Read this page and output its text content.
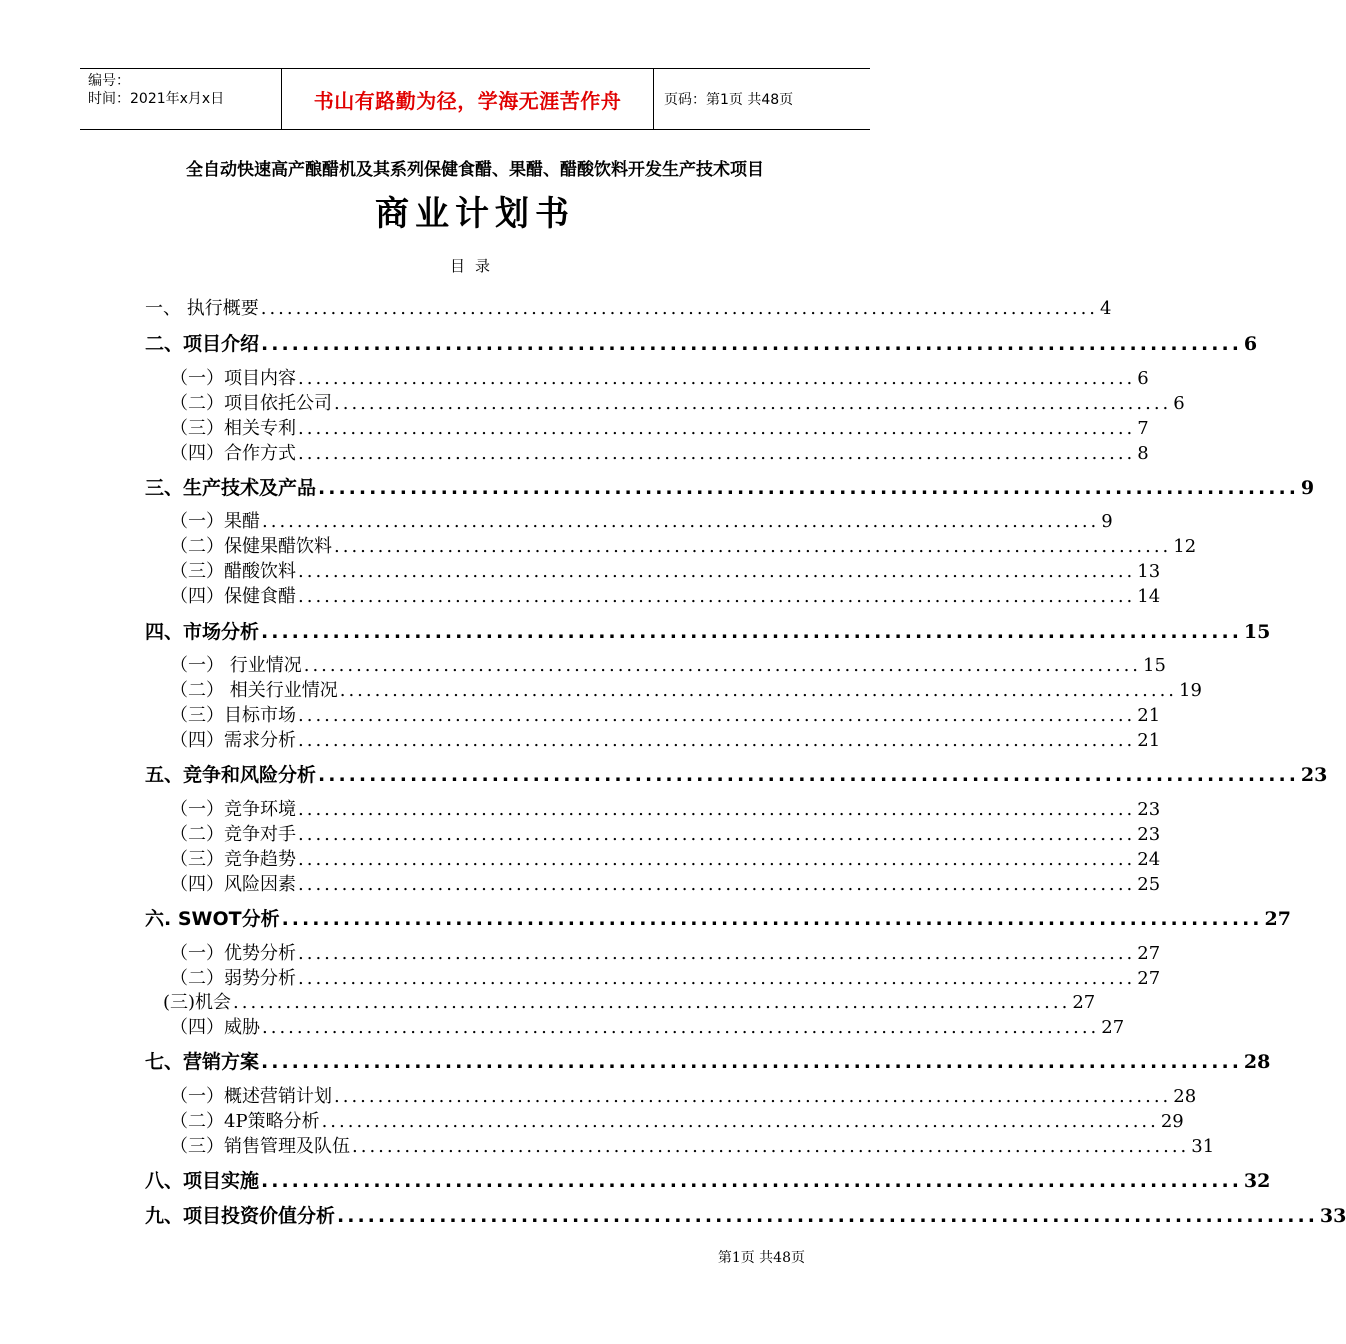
编号：
时间：2021年x月x日	书山有路勤为径，学海无涯苦作舟	页码：第1页 共48页
全自动快速高产酿醋机及其系列保健食醋、果醋、醋酸饮料开发生产技术项目
商业计划书
目录
一、 执行概要 ................................................................................................ 4
二、项目介绍 ................................................................................................ 6
（一）项目内容 ................................................................................................ 6
（二）项目依托公司 ................................................................................................ 6
（三）相关专利 ................................................................................................ 7
（四）合作方式 ................................................................................................ 8
三、生产技术及产品 ................................................................................................ 9
（一）果醋 ................................................................................................ 9
（二）保健果醋饮料 ................................................................................................ 12
（三）醋酸饮料 ................................................................................................ 13
（四）保健食醋 ................................................................................................ 14
四、市场分析 ................................................................................................ 15
（一） 行业情况 ................................................................................................ 15
（二） 相关行业情况 ................................................................................................ 19
（三）目标市场 ................................................................................................ 21
（四）需求分析 ................................................................................................ 21
五、竞争和风险分析 ................................................................................................ 23
（一）竞争环境 ................................................................................................ 23
（二）竞争对手 ................................................................................................ 23
（三）竞争趋势 ................................................................................................ 24
（四）风险因素 ................................................................................................ 25
六. SWOT分析 ................................................................................................ 27
（一）优势分析 ................................................................................................ 27
（二）弱势分析 ................................................................................................ 27
(三)机会 ................................................................................................ 27
（四）威胁 ................................................................................................ 27
七、营销方案 ................................................................................................ 28
（一）概述营销计划 ................................................................................................ 28
（二）4P策略分析 ................................................................................................ 29
（三）销售管理及队伍 ................................................................................................ 31
八、项目实施 ................................................................................................ 32
九、项目投资价值分析 ................................................................................................ 33
第1页 共48页
